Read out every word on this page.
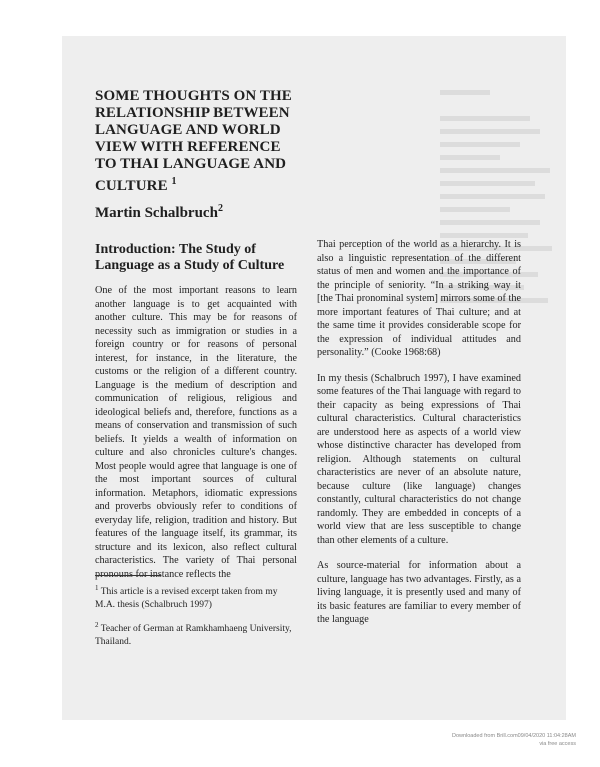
SOME THOUGHTS ON THE
RELATIONSHIP BETWEEN
LANGUAGE AND WORLD
VIEW WITH REFERENCE
TO THAI LANGUAGE AND
CULTURE $^1$
Martin Schalbruch$^2$
Introduction: The Study of
Language as a Study of Culture

One of the most important reasons to learn another language is to get acquainted with another culture. This may be for reasons of necessity such as immigration or studies in a foreign country or for reasons of personal interest, for instance, in the literature, the customs or the religion of a different country. Language is the medium of description and communication of religious, religious and ideological beliefs and, therefore, functions as a means of conservation and transmission of such beliefs. It yields a wealth of information on culture and also chronicles culture's changes. Most people would agree that language is one of the most important sources of cultural information. Metaphors, idiomatic expressions and proverbs obviously refer to conditions of everyday life, religion, tradition and history. But features of the language itself, its grammar, its structure and its lexicon, also reflect cultural characteristics. The variety of Thai personal pronouns for instance reflects the

Thai perception of the world as a hierarchy. It is also a linguistic representation of the different status of men and women and the importance of the principle of seniority. “In a striking way it [the Thai pronominal system] mirrors some of the more important features of Thai culture; and at the same time it provides considerable scope for the expression of individual attitudes and personality.” (Cooke 1968:68)

In my thesis (Schalbruch 1997), I have examined some features of the Thai language with regard to their capacity as being expressions of Thai cultural characteristics. Cultural characteristics are understood here as aspects of a world view whose distinctive character has developed from religion. Although statements on cultural characteristics are never of an absolute nature, because culture (like language) changes constantly, cultural characteristics do not change randomly. They are embedded in concepts of a world view that are less susceptible to change than other elements of a culture.

As source-material for information about a culture, language has two advantages. Firstly, as a living language, it is presently used and many of its basic features are familiar to every member of the language

$^1$ This article is a revised excerpt taken from my M.A. thesis (Schalbruch 1997)

$^2$ Teacher of German at Ramkhamhaeng University, Thailand.

Downloaded from Brill.com09/04/2020 11:04:28AM
via free access
